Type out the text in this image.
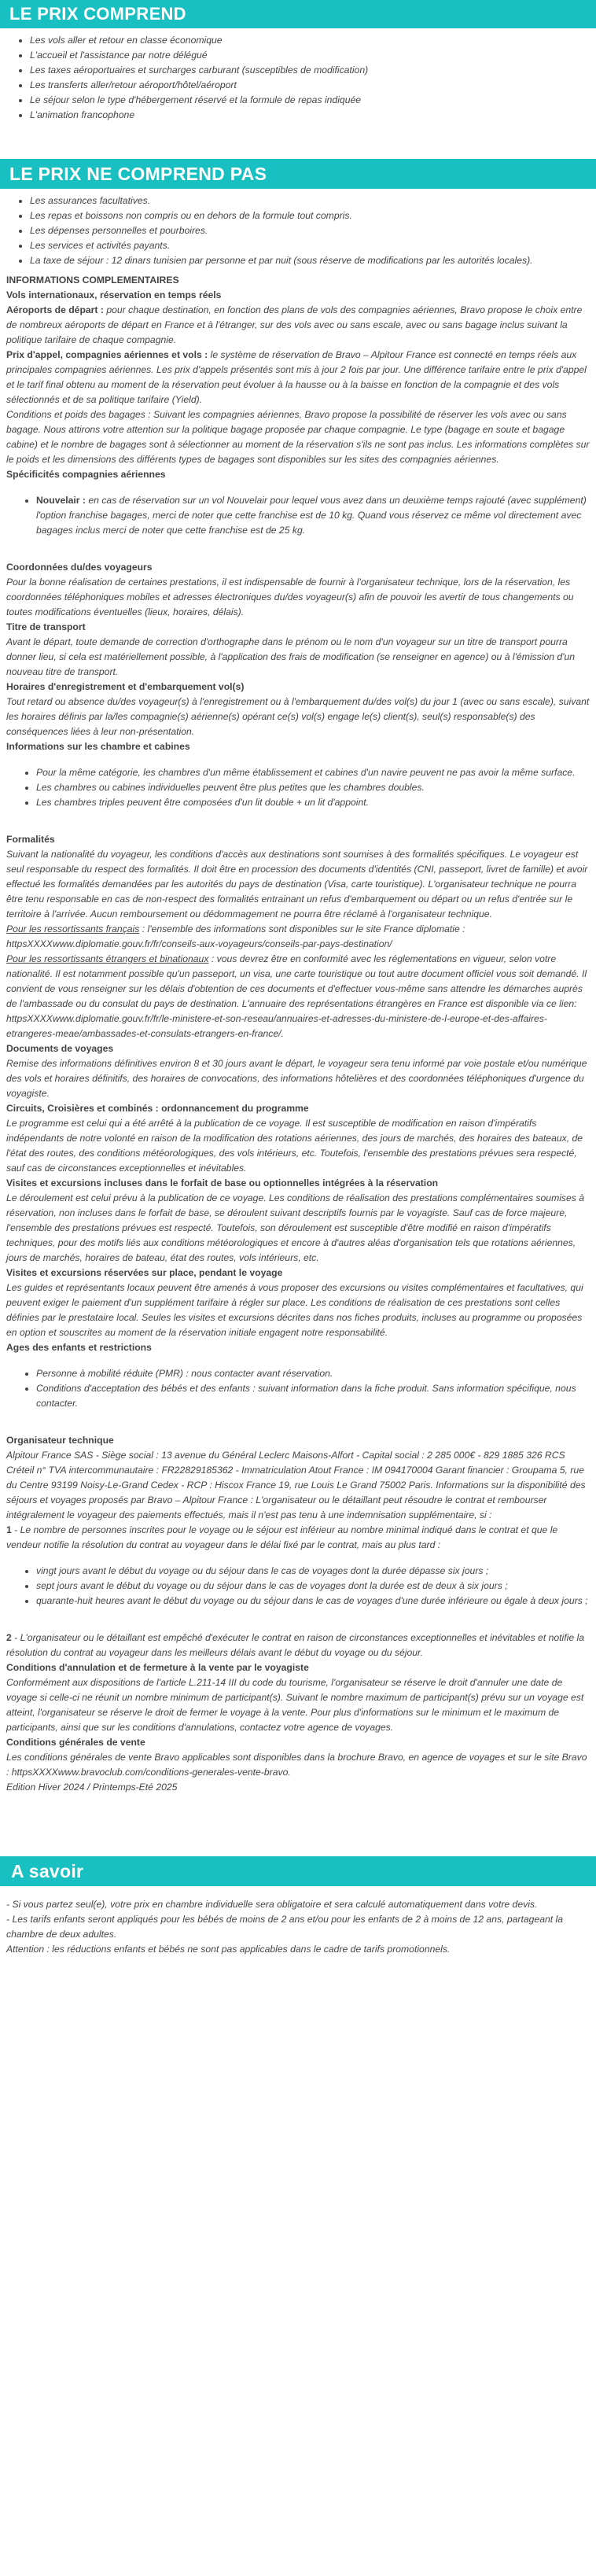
LE PRIX COMPREND
• Les vols aller et retour en classe économique
• L'accueil et l'assistance par notre délégué
• Les taxes aéroportuaires et surcharges carburant (susceptibles de modification)
• Les transferts aller/retour aéroport/hôtel/aéroport
• Le séjour selon le type d'hébergement réservé et la formule de repas indiquée
• L'animation francophone
LE PRIX NE COMPREND PAS
• Les assurances facultatives.
• Les repas et boissons non compris ou en dehors de la formule tout compris.
• Les dépenses personnelles et pourboires.
• Les services et activités payants.
• La taxe de séjour : 12 dinars tunisien par personne et par nuit (sous réserve de modifications par les autorités locales).

INFORMATIONS COMPLEMENTAIRES

Vols internationaux, réservation en temps réels

Aéroports de départ : pour chaque destination, en fonction des plans de vols des compagnies aériennes, Bravo propose le choix entre de nombreux aéroports de départ en France et à l'étranger, sur des vols avec ou sans escale, avec ou sans bagage inclus suivant la politique tarifaire de chaque compagnie.

Prix d'appel, compagnies aériennes et vols : le système de réservation de Bravo – Alpitour France est connecté en temps réels aux principales compagnies aériennes. Les prix d'appels présentés sont mis à jour 2 fois par jour. Une différence tarifaire entre le prix d'appel et le tarif final obtenu au moment de la réservation peut évoluer à la hausse ou à la baisse en fonction de la compagnie et des vols sélectionnés et de sa politique tarifaire (Yield).

Conditions et poids des bagages : Suivant les compagnies aériennes, Bravo propose la possibilité de réserver les vols avec ou sans bagage. Nous attirons votre attention sur la politique bagage proposée par chaque compagnie. Le type (bagage en soute et bagage cabine) et le nombre de bagages sont à sélectionner au moment de la réservation s'ils ne sont pas inclus. Les informations complètes sur le poids et les dimensions des différents types de bagages sont disponibles sur les sites des compagnies aériennes.

Spécificités compagnies aériennes

• Nouvelair : en cas de réservation sur un vol Nouvelair pour lequel vous avez dans un deuxième temps rajouté (avec supplément) l'option franchise bagages, merci de noter que cette franchise est de 10 kg. Quand vous réservez ce même vol directement avec bagages inclus merci de noter que cette franchise est de 25 kg.

Coordonnées du/des voyageurs

Pour la bonne réalisation de certaines prestations, il est indispensable de fournir à l'organisateur technique, lors de la réservation, les coordonnées téléphoniques mobiles et adresses électroniques du/des voyageur(s) afin de pouvoir les avertir de tous changements ou toutes modifications éventuelles (lieux, horaires, délais).

Titre de transport

Avant le départ, toute demande de correction d'orthographe dans le prénom ou le nom d'un voyageur sur un titre de transport pourra donner lieu, si cela est matériellement possible, à l'application des frais de modification (se renseigner en agence) ou à l'émission d'un nouveau titre de transport.

Horaires d'enregistrement et d'embarquement vol(s)

Tout retard ou absence du/des voyageur(s) à l'enregistrement ou à l'embarquement du/des vol(s) du jour 1 (avec ou sans escale), suivant les horaires définis par la/les compagnie(s) aérienne(s) opérant ce(s) vol(s) engage le(s) client(s), seul(s) responsable(s) des conséquences liées à leur non-présentation.

Informations sur les chambre et cabines

• Pour la même catégorie, les chambres d'un même établissement et cabines d'un navire peuvent ne pas avoir la même surface.
• Les chambres ou cabines individuelles peuvent être plus petites que les chambres doubles.
• Les chambres triples peuvent être composées d'un lit double + un lit d'appoint.

Formalités

Suivant la nationalité du voyageur, les conditions d'accès aux destinations sont soumises à des formalités spécifiques. Le voyageur est seul responsable du respect des formalités. Il doit être en procession des documents d'identités (CNI, passeport, livret de famille) et avoir effectué les formalités demandées par les autorités du pays de destination (Visa, carte touristique). L'organisateur technique ne pourra être tenu responsable en cas de non-respect des formalités entrainant un refus d'embarquement ou départ ou un refus d'entrée sur le territoire à l'arrivée. Aucun remboursement ou dédommagement ne pourra être réclamé à l'organisateur technique.

Pour les ressortissants français : l'ensemble des informations sont disponibles sur le site France diplomatie : httpsXXXXwww.diplomatie.gouv.fr/fr/conseils-aux-voyageurs/conseils-par-pays-destination/

Pour les ressortissants étrangers et binationaux : vous devrez être en conformité avec les réglementations en vigueur, selon votre nationalité. Il est notamment possible qu'un passeport, un visa, une carte touristique ou tout autre document officiel vous soit demandé. Il convient de vous renseigner sur les délais d'obtention de ces documents et d'effectuer vous-même sans attendre les démarches auprès de l'ambassade ou du consulat du pays de destination. L'annuaire des représentations étrangères en France est disponible via ce lien: httpsXXXXwww.diplomatie.gouv.fr/fr/le-ministere-et-son-reseau/annuaires-et-adresses-du-ministere-de-l-europe-et-des-affaires-etrangeres-meae/ambassades-et-consulats-etrangers-en-france/.

Documents de voyages

Remise des informations définitives environ 8 et 30 jours avant le départ, le voyageur sera tenu informé par voie postale et/ou numérique des vols et horaires définitifs, des horaires de convocations, des informations hôtelières et des coordonnées téléphoniques d'urgence du voyagiste.

Circuits, Croisières et combinés : ordonnancement du programme

Le programme est celui qui a été arrêté à la publication de ce voyage. Il est susceptible de modification en raison d'impératifs indépendants de notre volonté en raison de la modification des rotations aériennes, des jours de marchés, des horaires des bateaux, de l'état des routes, des conditions météorologiques, des vols intérieurs, etc. Toutefois, l'ensemble des prestations prévues sera respecté, sauf cas de circonstances exceptionnelles et inévitables.

Visites et excursions incluses dans le forfait de base ou optionnelles intégrées à la réservation

Le déroulement est celui prévu à la publication de ce voyage. Les conditions de réalisation des prestations complémentaires soumises à réservation, non incluses dans le forfait de base, se déroulent suivant descriptifs fournis par le voyagiste. Sauf cas de force majeure, l'ensemble des prestations prévues est respecté. Toutefois, son déroulement est susceptible d'être modifié en raison d'impératifs techniques, pour des motifs liés aux conditions météorologiques et encore à d'autres aléas d'organisation tels que rotations aériennes, jours de marchés, horaires de bateau, état des routes, vols intérieurs, etc.

Visites et excursions réservées sur place, pendant le voyage

Les guides et représentants locaux peuvent être amenés à vous proposer des excursions ou visites complémentaires et facultatives, qui peuvent exiger le paiement d'un supplément tarifaire à régler sur place. Les conditions de réalisation de ces prestations sont celles définies par le prestataire local. Seules les visites et excursions décrites dans nos fiches produits, incluses au programme ou proposées en option et souscrites au moment de la réservation initiale engagent notre responsabilité.

Ages des enfants et restrictions

• Personne à mobilité réduite (PMR) : nous contacter avant réservation.
• Conditions d'acceptation des bébés et des enfants : suivant information dans la fiche produit. Sans information spécifique, nous contacter.

Organisateur technique

Alpitour France SAS - Siège social : 13 avenue du Général Leclerc Maisons-Alfort - Capital social : 2 285 000€ - 829 1885 326 RCS Créteil n° TVA intercommunautaire : FR22829185362 - Immatriculation Atout France : IM 094170004 Garant financier : Groupama 5, rue du Centre 93199 Noisy-Le-Grand Cedex - RCP : Hiscox France 19, rue Louis Le Grand 75002 Paris. Informations sur la disponibilité des séjours et voyages proposés par Bravo – Alpitour France : L'organisateur ou le détaillant peut résoudre le contrat et rembourser intégralement le voyageur des paiements effectués, mais il n'est pas tenu à une indemnisation supplémentaire, si :

1 - Le nombre de personnes inscrites pour le voyage ou le séjour est inférieur au nombre minimal indiqué dans le contrat et que le vendeur notifie la résolution du contrat au voyageur dans le délai fixé par le contrat, mais au plus tard :

• vingt jours avant le début du voyage ou du séjour dans le cas de voyages dont la durée dépasse six jours ;
• sept jours avant le début du voyage ou du séjour dans le cas de voyages dont la durée est de deux à six jours ;
• quarante-huit heures avant le début du voyage ou du séjour dans le cas de voyages d'une durée inférieure ou égale à deux jours ;

2 - L'organisateur ou le détaillant est empêché d'exécuter le contrat en raison de circonstances exceptionnelles et inévitables et notifie la résolution du contrat au voyageur dans les meilleurs délais avant le début du voyage ou du séjour.

Conditions d'annulation et de fermeture à la vente par le voyagiste

Conformément aux dispositions de l'article L.211-14 III du code du tourisme, l'organisateur se réserve le droit d'annuler une date de voyage si celle-ci ne réunit un nombre minimum de participant(s). Suivant le nombre maximum de participant(s) prévu sur un voyage est atteint, l'organisateur se réserve le droit de fermer le voyage à la vente. Pour plus d'informations sur le minimum et le maximum de participants, ainsi que sur les conditions d'annulations, contactez votre agence de voyages.

Conditions générales de vente

Les conditions générales de vente Bravo applicables sont disponibles dans la brochure Bravo, en agence de voyages et sur le site Bravo : httpsXXXXwww.bravoclub.com/conditions-generales-vente-bravo.

Edition Hiver 2024 / Printemps-Eté 2025

A savoir

- Si vous partez seul(e), votre prix en chambre individuelle sera obligatoire et sera calculé automatiquement dans votre devis.

- Les tarifs enfants seront appliqués pour les bébés de moins de 2 ans et/ou pour les enfants de 2 à moins de 12 ans, partageant la chambre de deux adultes.

Attention : les réductions enfants et bébés ne sont pas applicables dans le cadre de tarifs promotionnels.
